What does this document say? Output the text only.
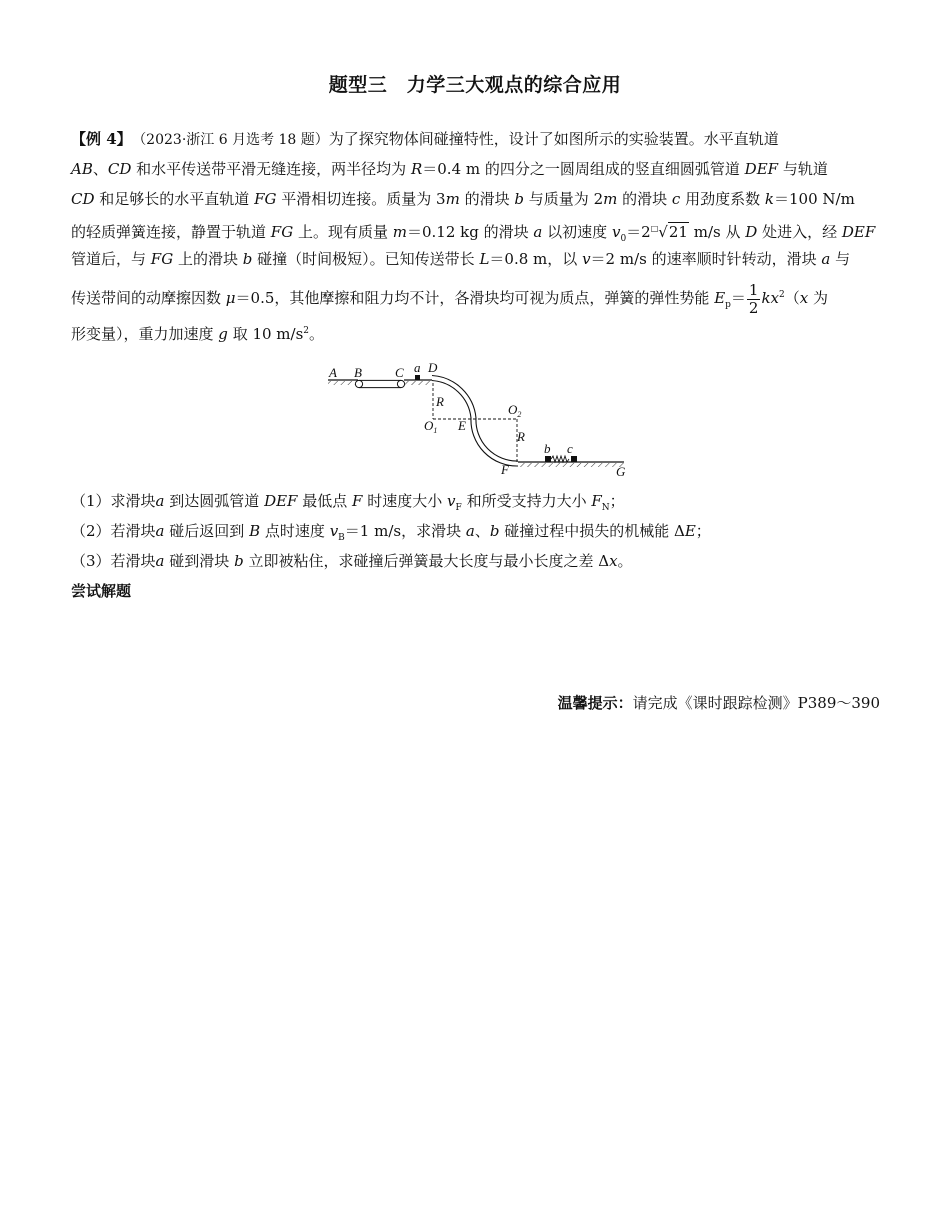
题型三　力学三大观点的综合应用
【例 4】　 （2023·浙江 6 月选考 18 题）为了探究物体间碰撞特性，设计了如图所示的实验装置。水平直轨道
AB、CD 和水平传送带平滑无缝连接，两半径均为 R＝0.4 m 的四分之一圆周组成的竖直细圆弧管道 DEF 与轨道
CD 和足够长的水平直轨道 FG 平滑相切连接。质量为 3m 的滑块 b 与质量为 2m 的滑块 c 用劲度系数 k＝100 N/m
的轻质弹簧连接，静置于轨道 FG 上。现有质量 m＝0.12 kg 的滑块 a 以初速度 $v_0=2^□√21$ m/s 从 D 处进入，经 DEF
管道后，与 FG 上的滑块 b 碰撞（时间极短）。已知传送带长 L＝0.8 m，以 v＝2 m/s 的速率顺时针转动，滑块 a 与
传送带间的动摩擦因数 μ＝0.5，其他摩擦和阻力均不计，各滑块均可视为质点，弹簧的弹性势能 $E_p= \frac{1}{2} kx^2(x$ 为
形变量），重力加速度 g 取 10 $m/s^2$。
A B	C a D
R
$O_1$ E
$O_2$
R
F
b c
G
（1）求滑块a 到达圆弧管道 DEF 最低点 F 时速度大小 $v_F$ 和所受支持力大小 $F_N$；
（2）若滑块a 碰后返回到 B 点时速度 $v_B=1$ m/s，求滑块 a、b 碰撞过程中损失的机械能 ΔE；
（3）若滑块a 碰到滑块 b 立即被粘住，求碰撞后弹簧最大长度与最小长度之差 Δx。
尝试解题
温馨提示：请完成《课时跟踪检测》P389～390
